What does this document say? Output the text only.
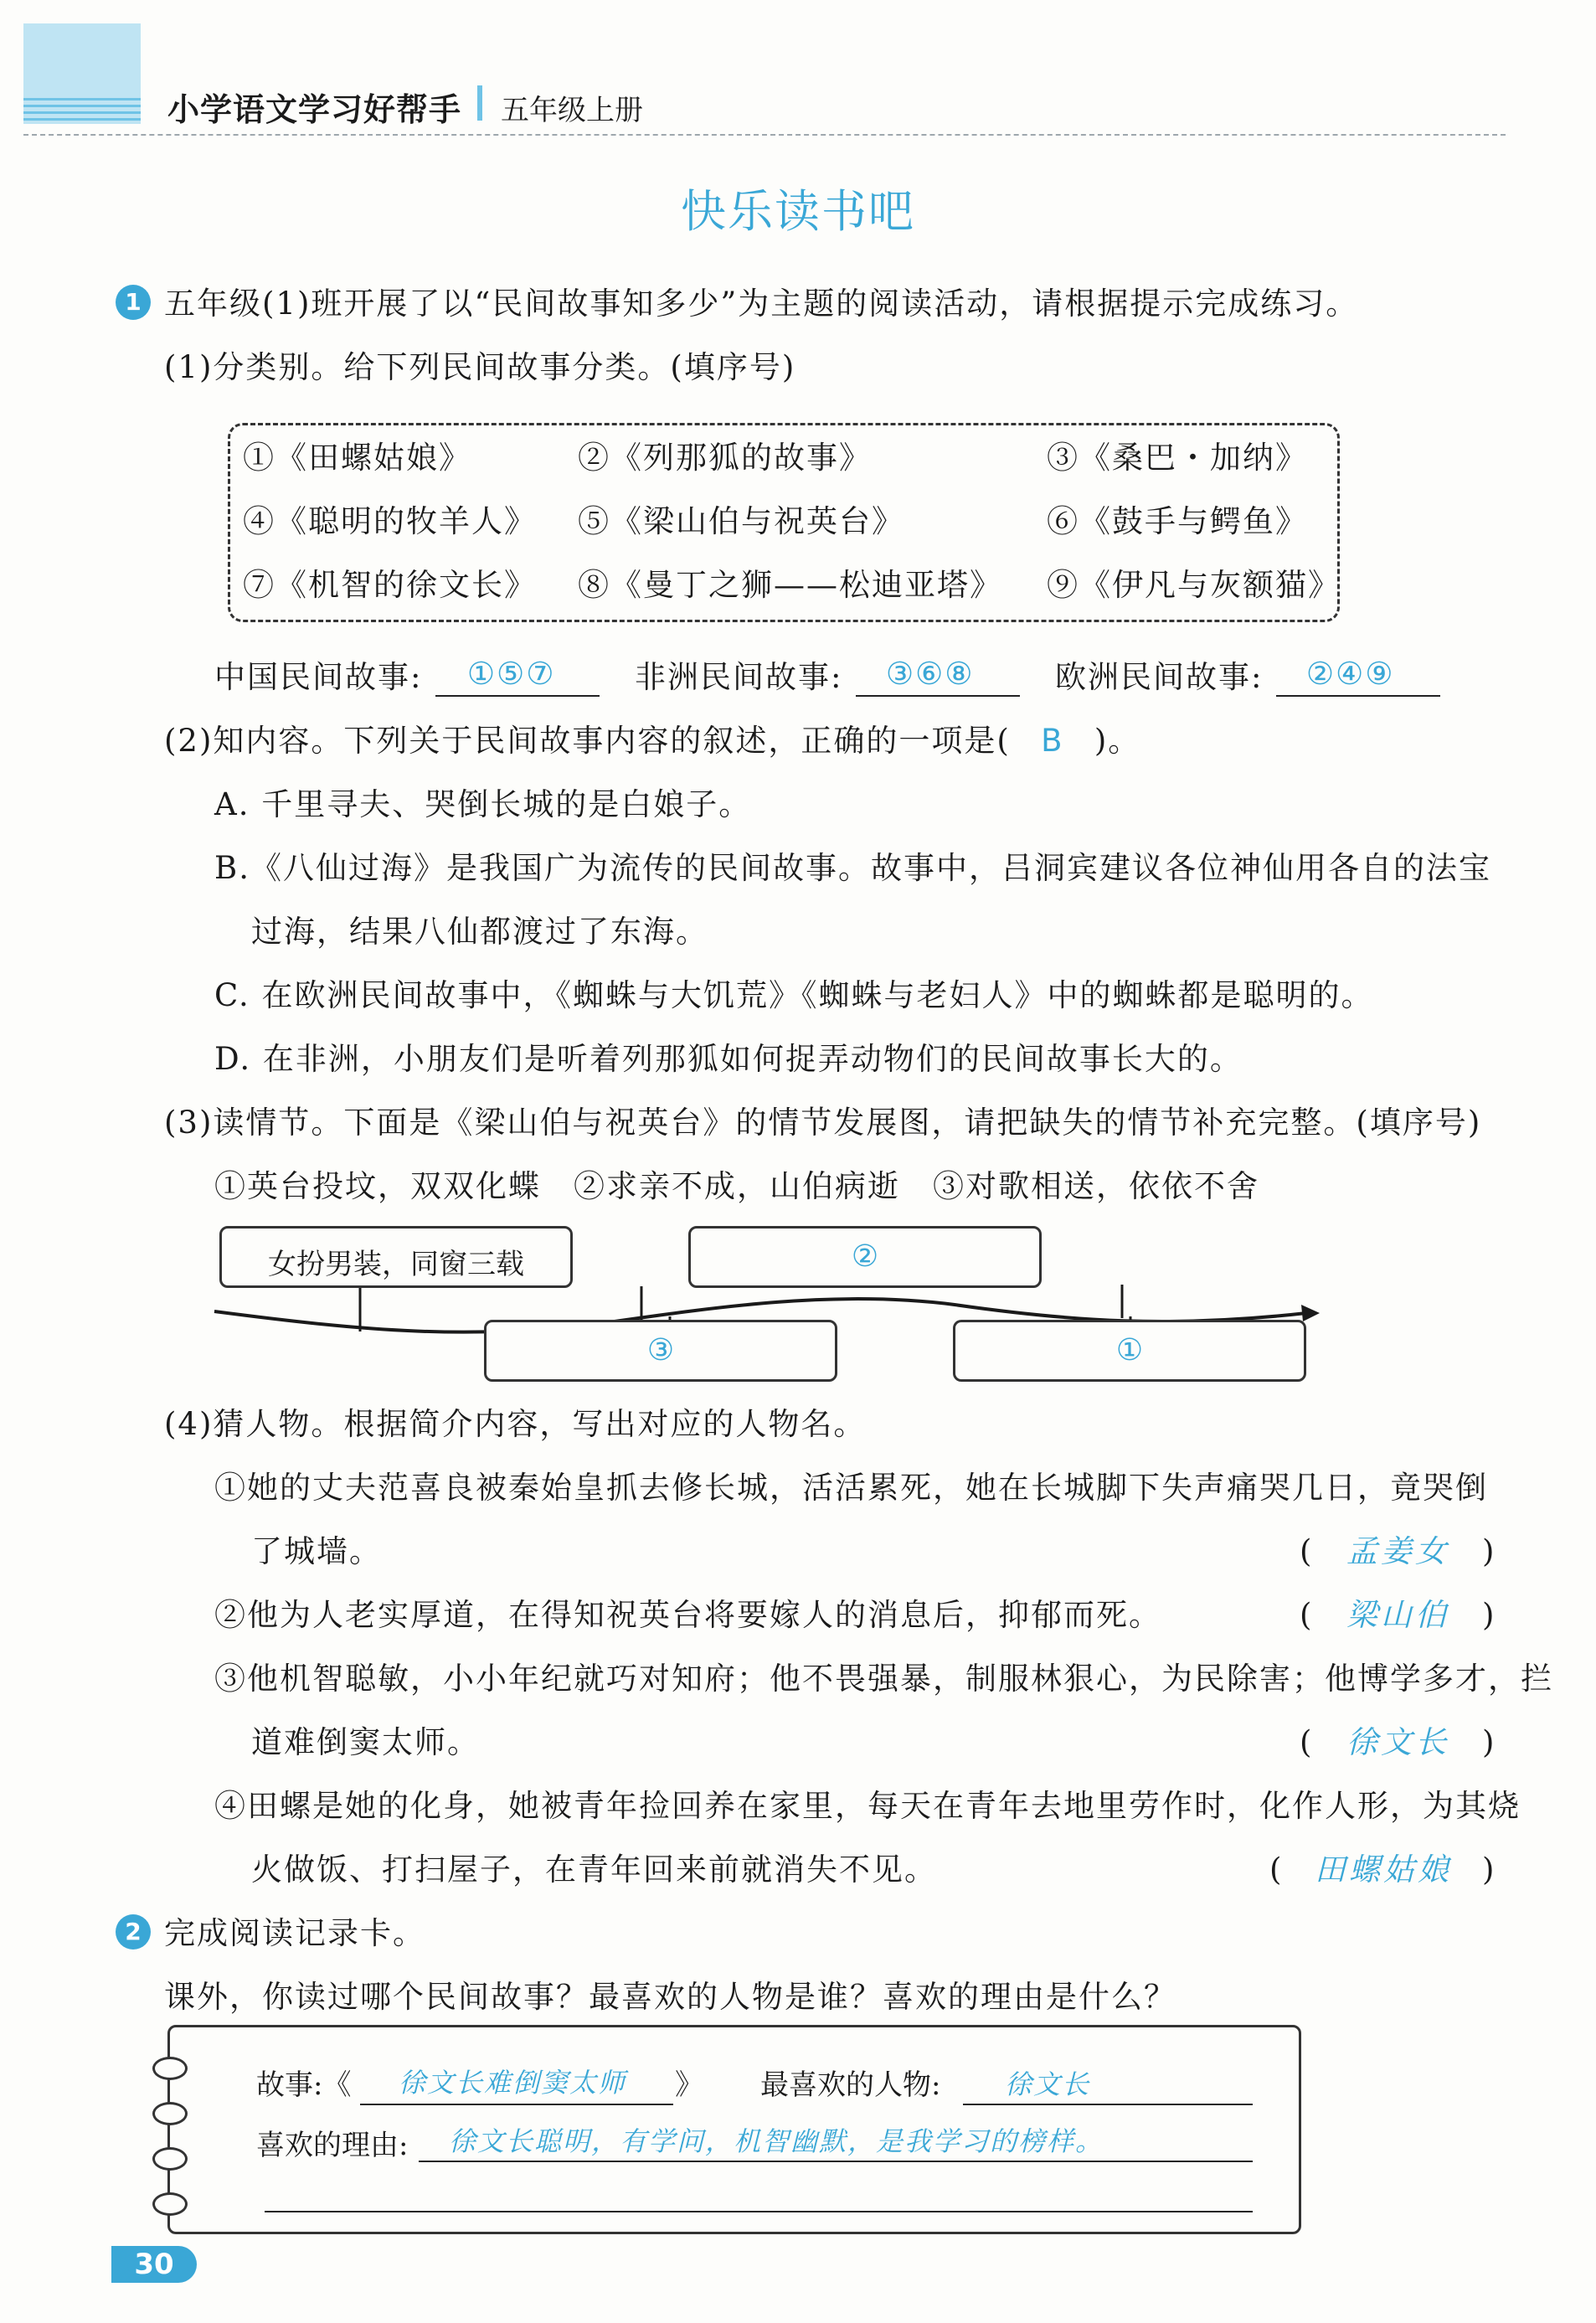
小学语文学习好帮手 五年级上册
快乐读书吧
1 五年级(1)班开展了以“民间故事知多少”为主题的阅读活动，请根据提示完成练习。
(1)分类别。给下列民间故事分类。(填序号)
①《田螺姑娘》	②《列那狐的故事》	③《桑巴・加纳》
④《聪明的牧羊人》 ⑤《梁山伯与祝英台》	⑥《鼓手与鳄鱼》
⑦《机智的徐文长》 ⑧《曼丁之狮——松迪亚塔》 ⑨《伊凡与灰额猫》
中国民间故事: ①⑤⑦	非洲民间故事: ③⑥⑧	欧洲民间故事: ②④⑨
(2)知内容。下列关于民间故事内容的叙述，正确的一项是( B )。
A. 千里寻夫、哭倒长城的是白娘子。
B.《八仙过海》是我国广为流传的民间故事。故事中，吕洞宾建议各位神仙用各自的法宝
过海，结果八仙都渡过了东海。
C. 在欧洲民间故事中，《蜘蛛与大饥荒》《蜘蛛与老妇人》中的蜘蛛都是聪明的。
D. 在非洲，小朋友们是听着列那狐如何捉弄动物们的民间故事长大的。
(3)读情节。下面是《梁山伯与祝英台》的情节发展图，请把缺失的情节补充完整。(填序号)
①英台投坟，双双化蝶　②求亲不成，山伯病逝　③对歌相送，依依不舍
女扮男装，同窗三载	②
③	①
(4)猜人物。根据简介内容，写出对应的人物名。
①她的丈夫范喜良被秦始皇抓去修长城，活活累死，她在长城脚下失声痛哭几日，竟哭倒
了城墙。	( 孟姜女 )
②他为人老实厚道，在得知祝英台将要嫁人的消息后，抑郁而死。	( 梁山伯 )
③他机智聪敏，小小年纪就巧对知府；他不畏强暴，制服林狠心，为民除害；他博学多才，拦
道难倒窦太师。	( 徐文长 )
④田螺是她的化身，她被青年捡回养在家里，每天在青年去地里劳作时，化作人形，为其烧
火做饭、打扫屋子，在青年回来前就消失不见。	( 田螺姑娘 )
2 完成阅读记录卡。
课外，你读过哪个民间故事？最喜欢的人物是谁？喜欢的理由是什么？
故事:《 徐文长难倒窦太师 》 最喜欢的人物: 徐文长
喜欢的理由: 徐文长聪明，有学问，机智幽默，是我学习的榜样。
30
